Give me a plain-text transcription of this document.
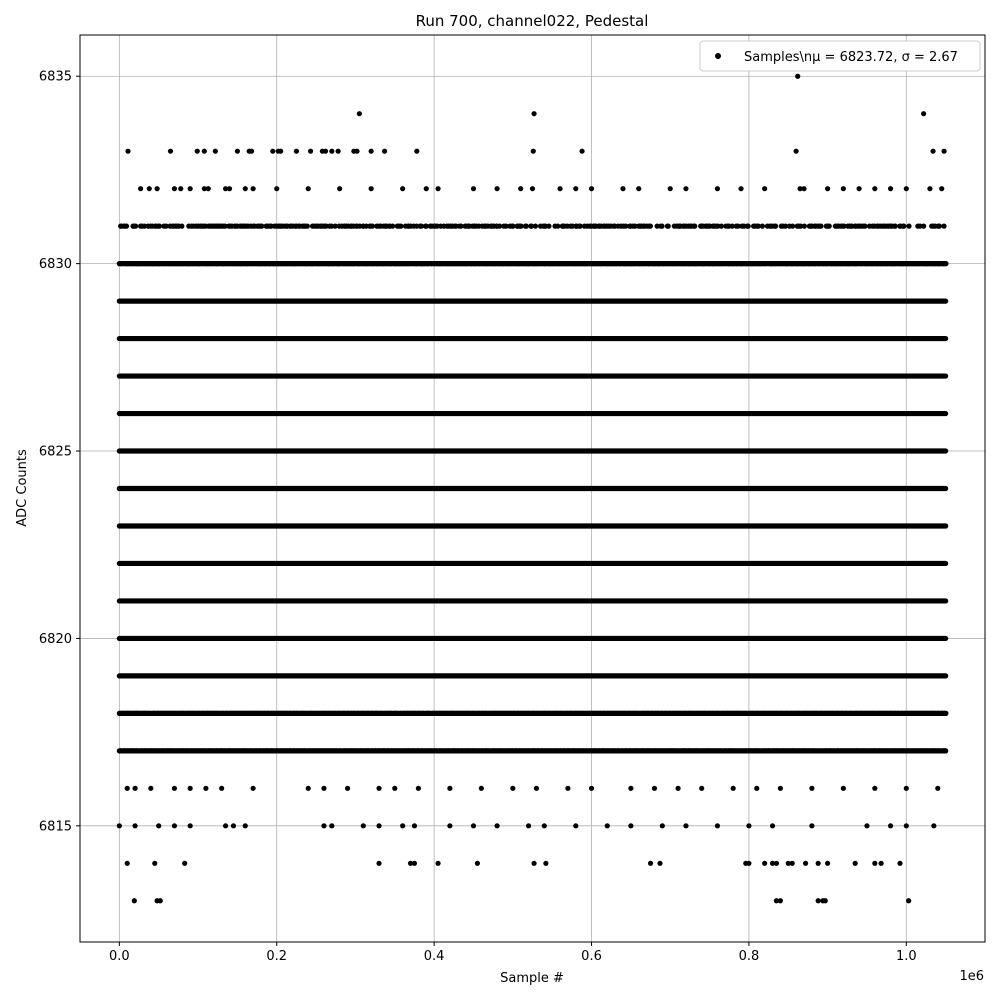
0.0	0.2	0.4	0.6	0.8	1.0
6815
6820
6825
6830
6835
Run 700, channel022, Pedestal
Sample #
ADC Counts
1e6
Samples\nμ = 6823.72, σ = 2.67
